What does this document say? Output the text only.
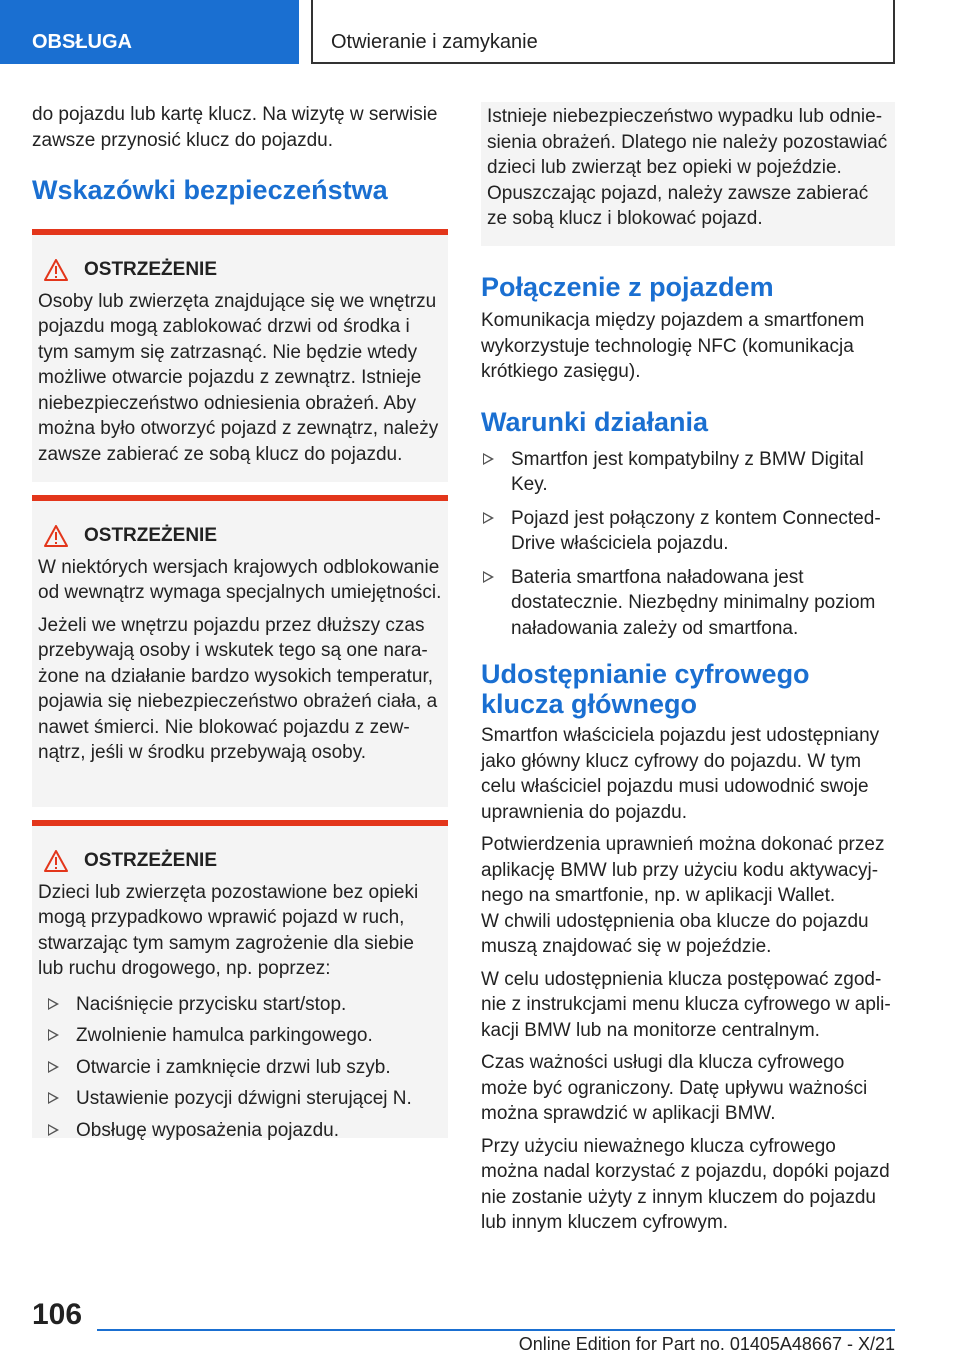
OBSŁUGA	Otwieranie i zamykanie

do pojazdu lub kartę klucz. Na wizytę w serwisie zawsze przynosić klucz do pojazdu.

Wskazówki bezpieczeństwa
OSTRZEŻENIE

Osoby lub zwierzęta znajdujące się we wnętrzu pojazdu mogą zablokować drzwi od środka i tym samym się zatrzasnąć. Nie będzie wtedy możliwe otwarcie pojazdu z zewnątrz. Istnieje niebezpieczeństwo odniesienia obrażeń. Aby można było otworzyć pojazd z zewnątrz, należy zawsze zabierać ze sobą klucz do pojazdu.

OSTRZEŻENIE

W niektórych wersjach krajowych odblokowanie od wewnątrz wymaga specjalnych umiejętności.

Jeżeli we wnętrzu pojazdu przez dłuższy czas przebywają osoby i wskutek tego są one narażone na działanie bardzo wysokich temperatur, pojawia się niebezpieczeństwo obrażeń ciała, a nawet śmierci. Nie blokować pojazdu z zewnątrz, jeśli w środku przebywają osoby.

OSTRZEŻENIE

Dzieci lub zwierzęta pozostawione bez opieki mogą przypadkowo wprawić pojazd w ruch, stwarzając tym samym zagrożenie dla siebie lub ruchu drogowego, np. poprzez:

Naciśnięcie przycisku start/stop.
Zwolnienie hamulca parkingowego.
Otwarcie i zamknięcie drzwi lub szyb.
Ustawienie pozycji dźwigni sterującej N.
Obsługę wyposażenia pojazdu.

Istnieje niebezpieczeństwo wypadku lub odniesienia obrażeń. Dlatego nie należy pozostawiać dzieci lub zwierząt bez opieki w pojeździe. Opuszczając pojazd, należy zawsze zabierać ze sobą klucz i blokować pojazd.

Połączenie z pojazdem

Komunikacja między pojazdem a smartfonem wykorzystuje technologię NFC (komunikacja krótkiego zasięgu).

Warunki działania
Smartfon jest kompatybilny z BMW Digital Key.
Pojazd jest połączony z kontem ConnectedDrive właściciela pojazdu.
Bateria smartfona naładowana jest dostatecznie. Niezbędny minimalny poziom naładowania zależy od smartfona.
Udostępnianie cyfrowego klucza głównego

Smartfon właściciela pojazdu jest udostępniany jako główny klucz cyfrowy do pojazdu. W tym celu właściciel pojazdu musi udowodnić swoje uprawnienia do pojazdu.

Potwierdzenia uprawnień można dokonać przez aplikację BMW lub przy użyciu kodu aktywacyjnego na smartfonie, np. w aplikacji Wallet.

W chwili udostępnienia oba klucze do pojazdu muszą znajdować się w pojeździe.

W celu udostępnienia klucza postępować zgodnie z instrukcjami menu klucza cyfrowego w aplikacji BMW lub na monitorze centralnym.

Czas ważności usługi dla klucza cyfrowego może być ograniczony. Datę upływu ważności można sprawdzić w aplikacji BMW.

Przy użyciu nieważnego klucza cyfrowego można nadal korzystać z pojazdu, dopóki pojazd nie zostanie użyty z innym kluczem do pojazdu lub innym kluczem cyfrowym.

106
Online Edition for Part no. 01405A48667 - X/21
